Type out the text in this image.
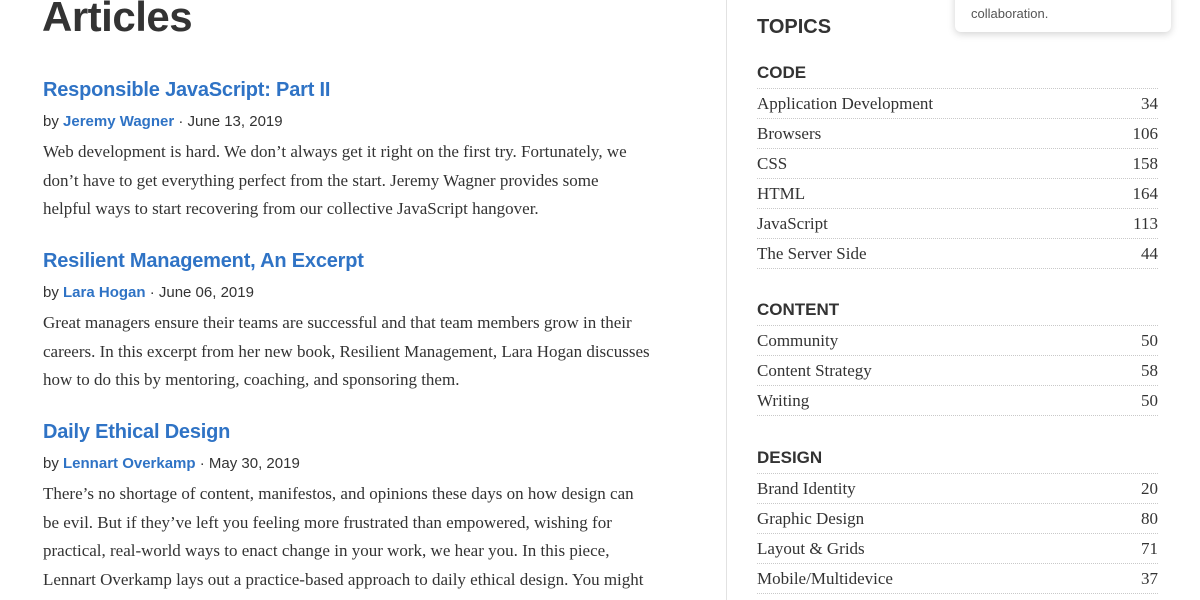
Articles
Responsible JavaScript: Part II
by Jeremy Wagner · June 13, 2019
Web development is hard. We don’t always get it right on the first try. Fortunately, we
don’t have to get everything perfect from the start. Jeremy Wagner provides some
helpful ways to start recovering from our collective JavaScript hangover.
Resilient Management, An Excerpt
by Lara Hogan · June 06, 2019
Great managers ensure their teams are successful and that team members grow in their
careers. In this excerpt from her new book, Resilient Management, Lara Hogan discusses
how to do this by mentoring, coaching, and sponsoring them.
Daily Ethical Design
by Lennart Overkamp · May 30, 2019
There’s no shortage of content, manifestos, and opinions these days on how design can
be evil. But if they’ve left you feeling more frustrated than empowered, wishing for
practical, real-world ways to enact change in your work, we hear you. In this piece,
Lennart Overkamp lays out a practice-based approach to daily ethical design. You might
TOPICS
CODE
Application Development	34
Browsers	106
CSS	158
HTML	164
JavaScript	113
The Server Side	44
CONTENT
Community	50
Content Strategy	58
Writing	50
DESIGN
Brand Identity	20
Graphic Design	80
Layout & Grids	71
Mobile/Multidevice	37
collaboration.
